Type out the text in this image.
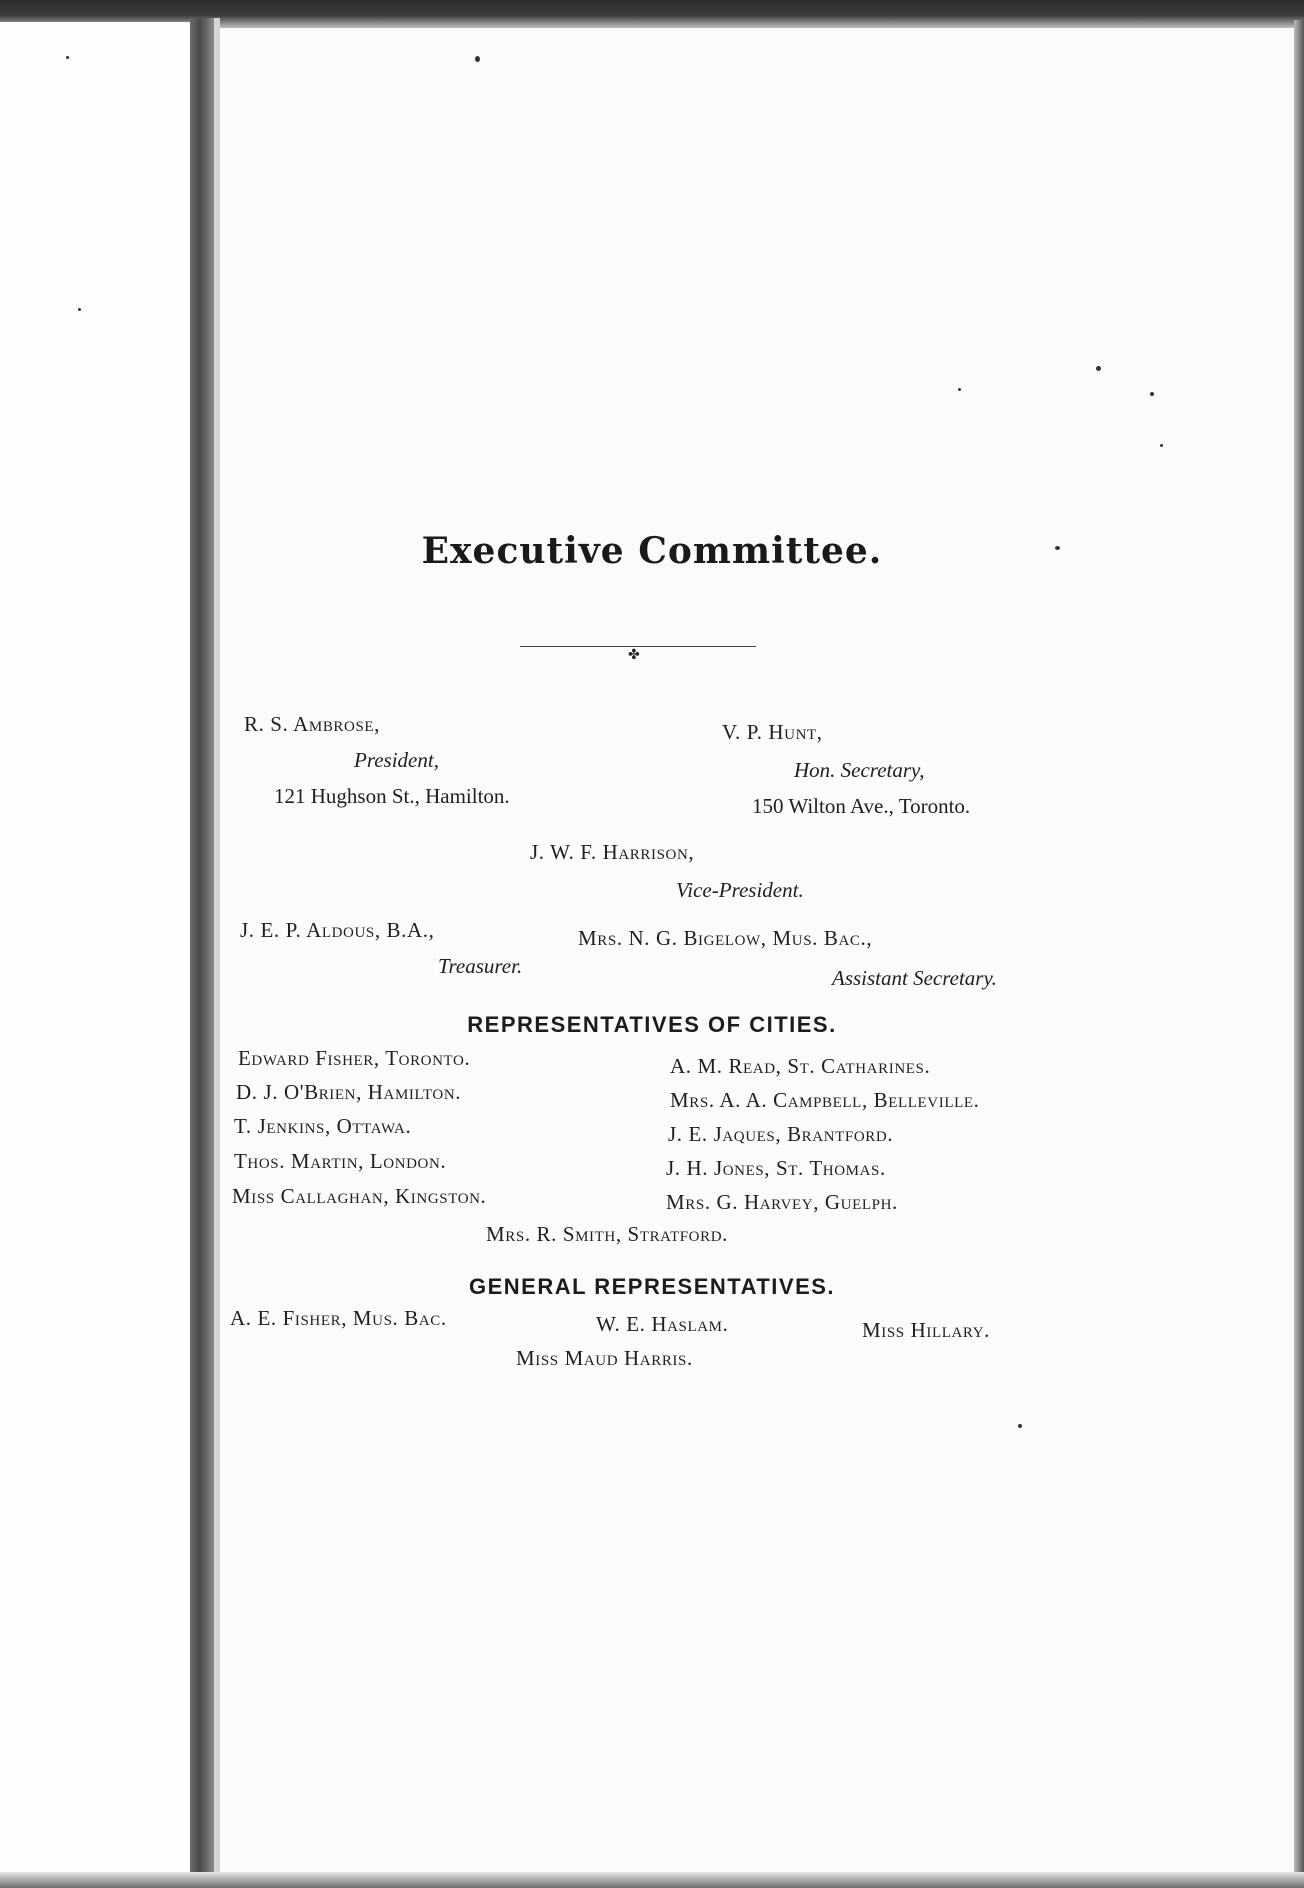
Executive Committee.
✤
R. S. Ambrose,
President,
121 Hughson St., Hamilton.
V. P. Hunt,
Hon. Secretary,
150 Wilton Ave., Toronto.
J. W. F. Harrison,
Vice-President.
J. E. P. Aldous, B.A.,
Treasurer.
Mrs. N. G. Bigelow, Mus. Bac.,
Assistant Secretary.
REPRESENTATIVES OF CITIES.
Edward Fisher, Toronto.
D. J. O'Brien, Hamilton.
T. Jenkins, Ottawa.
Thos. Martin, London.
Miss Callaghan, Kingston.
A. M. Read, St. Catharines.
Mrs. A. A. Campbell, Belleville.
J. E. Jaques, Brantford.
J. H. Jones, St. Thomas.
Mrs. G. Harvey, Guelph.
Mrs. R. Smith, Stratford.
GENERAL REPRESENTATIVES.
A. E. Fisher, Mus. Bac.	W. E. Haslam.	Miss Hillary.
Miss Maud Harris.
